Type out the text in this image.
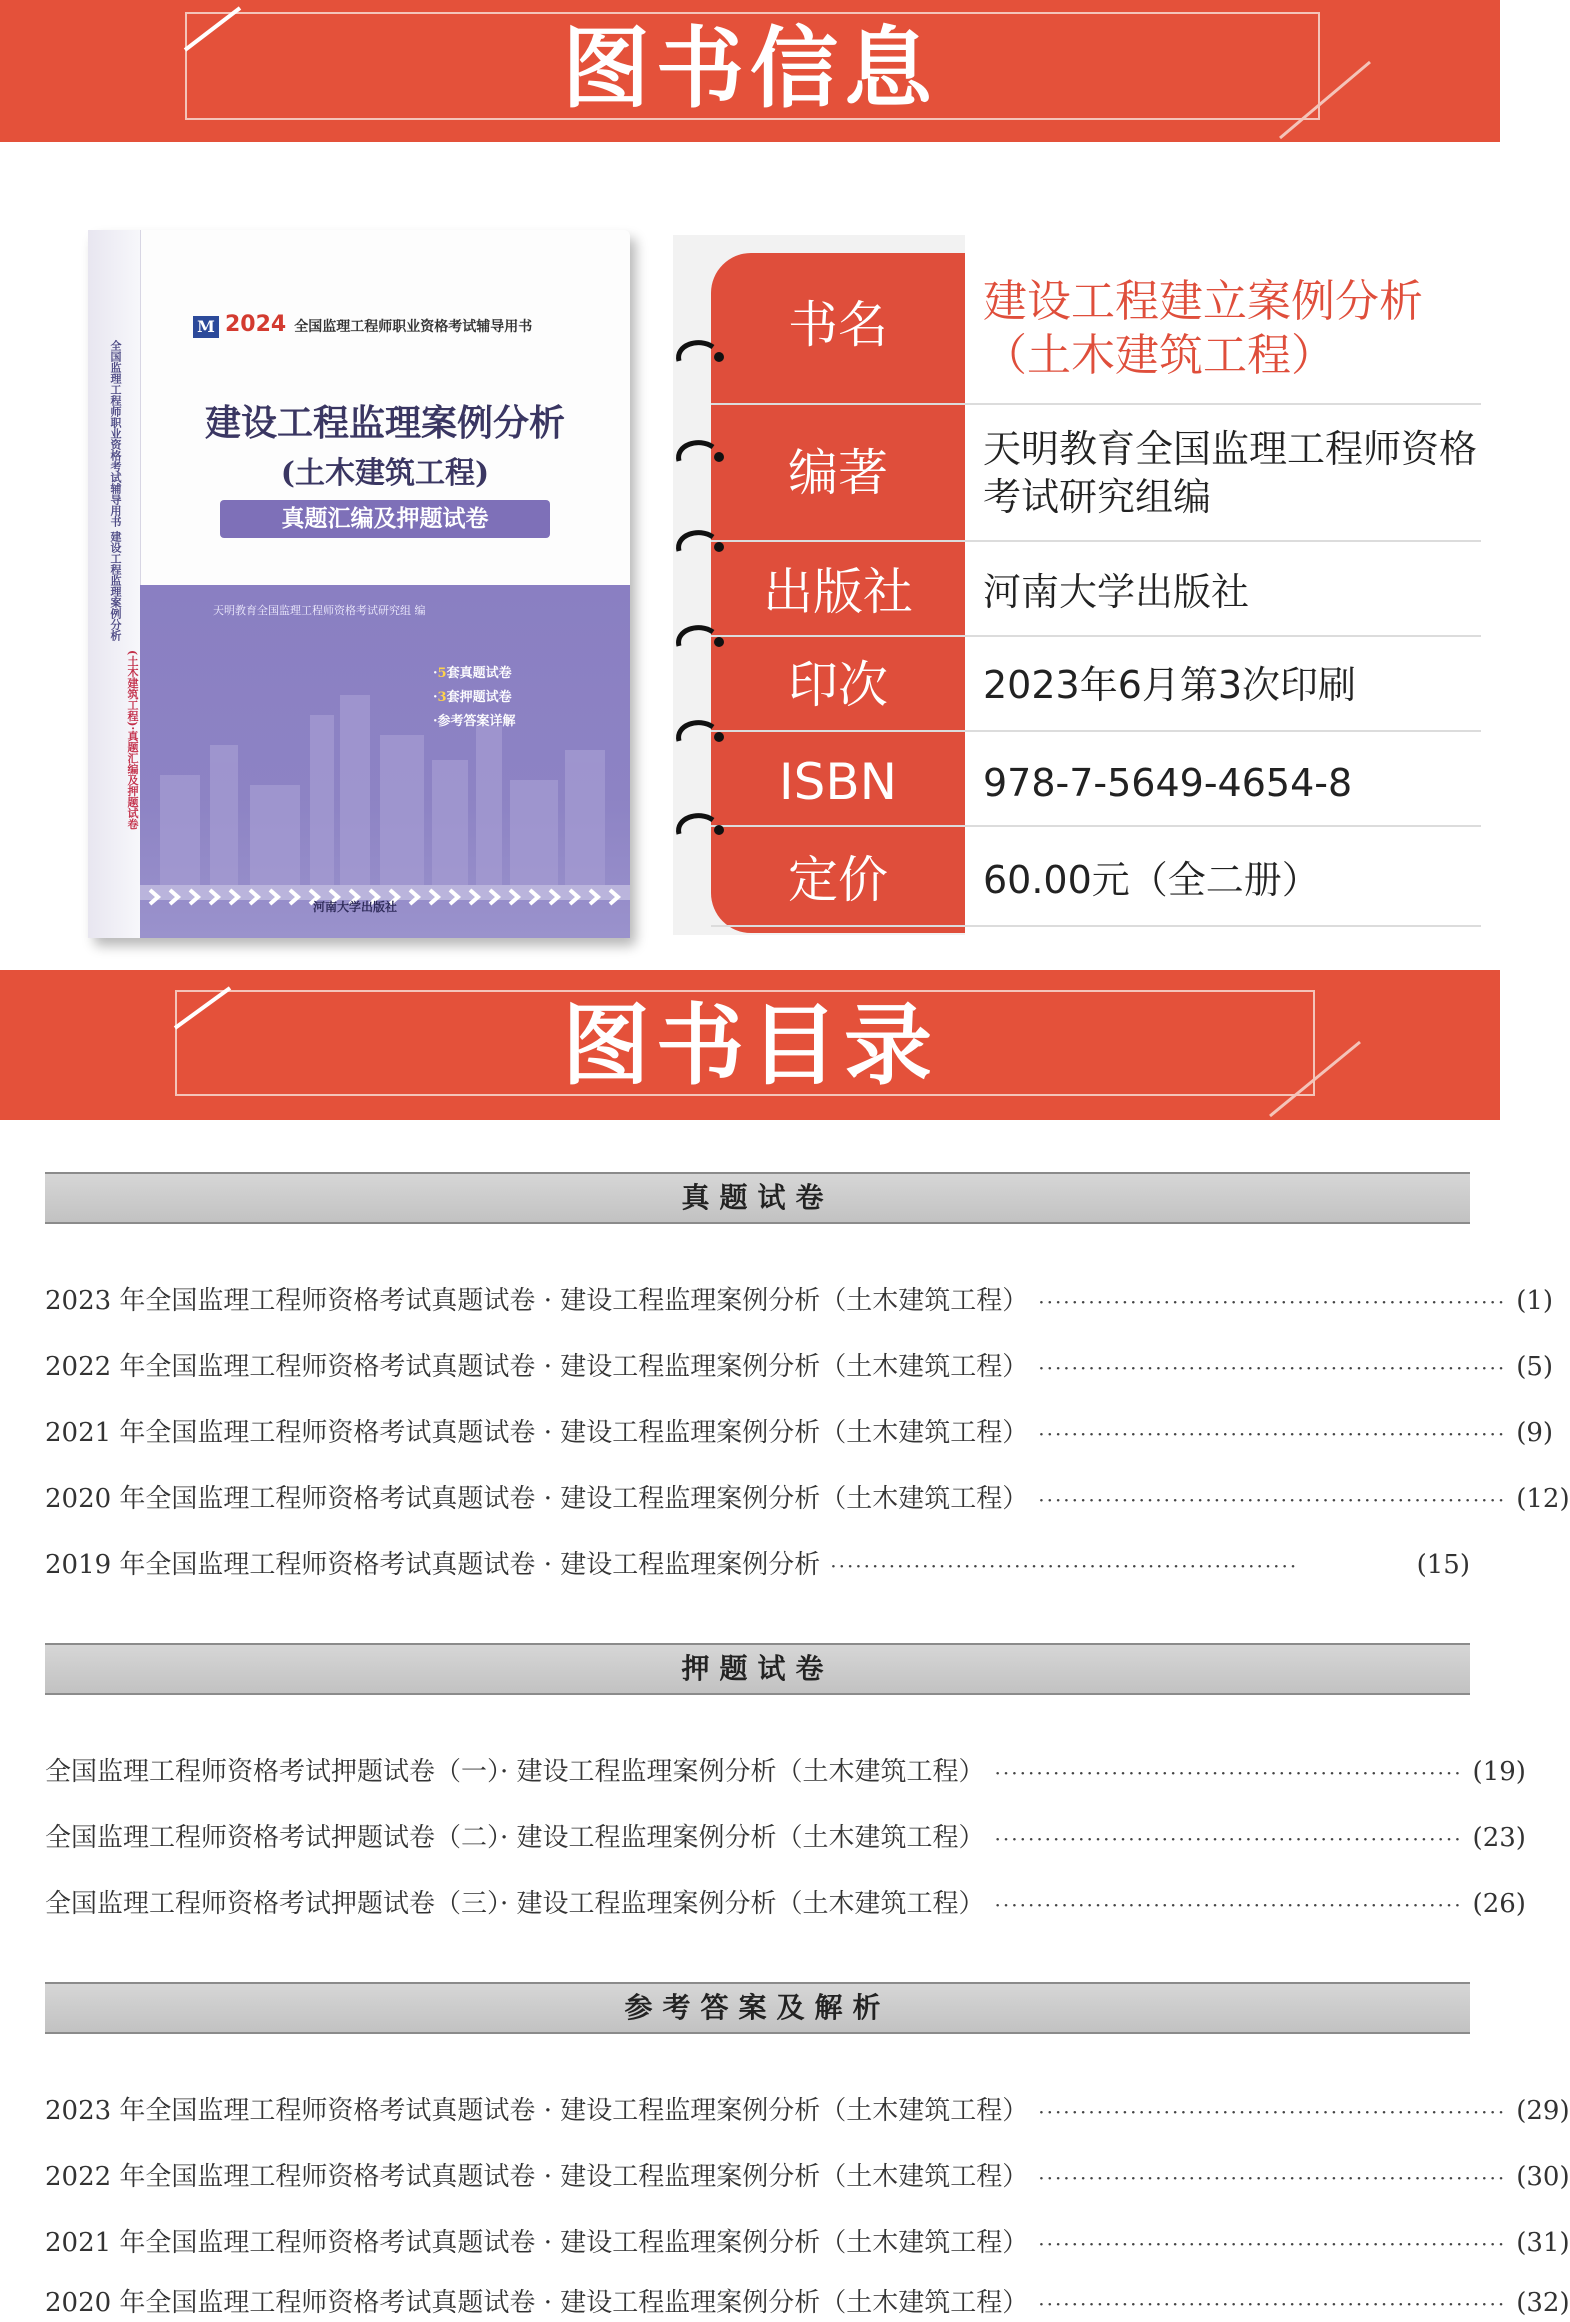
图书信息
全国监理工程师职业资格考试辅导用书 建设工程监理案例分析
(土木建筑工程)·真题汇编及押题试卷
M 2024 全国监理工程师职业资格考试辅导用书
建设工程监理案例分析
(土木建筑工程)
真题汇编及押题试卷
天明教育全国监理工程师资格考试研究组 编
·5套真题试卷
·3套押题试卷
·参考答案详解
河南大学出版社
书名	建设工程建立案例分析（土木建筑工程）
编著	天明教育全国监理工程师资格考试研究组编
出版社	河南大学出版社
印次	2023年6月第3次印刷
ISBN	978-7-5649-4654-8
定价	60.00元（全二册）
图书目录
真题试卷
2023 年全国监理工程师资格考试真题试卷 · 建设工程监理案例分析（土木建筑工程） ························································ (1)
2022 年全国监理工程师资格考试真题试卷 · 建设工程监理案例分析（土木建筑工程） ························································ (5)
2021 年全国监理工程师资格考试真题试卷 · 建设工程监理案例分析（土木建筑工程） ························································ (9)
2020 年全国监理工程师资格考试真题试卷 · 建设工程监理案例分析（土木建筑工程） ························································ (12)
2019 年全国监理工程师资格考试真题试卷 · 建设工程监理案例分析 ························································	(15)
押题试卷
全国监理工程师资格考试押题试卷（一）· 建设工程监理案例分析（土木建筑工程） ························································ (19)
全国监理工程师资格考试押题试卷（二）· 建设工程监理案例分析（土木建筑工程） ························································ (23)
全国监理工程师资格考试押题试卷（三）· 建设工程监理案例分析（土木建筑工程） ························································ (26)
参考答案及解析
2023 年全国监理工程师资格考试真题试卷 · 建设工程监理案例分析（土木建筑工程） ························································ (29)
2022 年全国监理工程师资格考试真题试卷 · 建设工程监理案例分析（土木建筑工程） ························································ (30)
2021 年全国监理工程师资格考试真题试卷 · 建设工程监理案例分析（土木建筑工程） ························································ (31)
2020 年全国监理工程师资格考试真题试卷 · 建设工程监理案例分析（土木建筑工程） ························································ (32)
